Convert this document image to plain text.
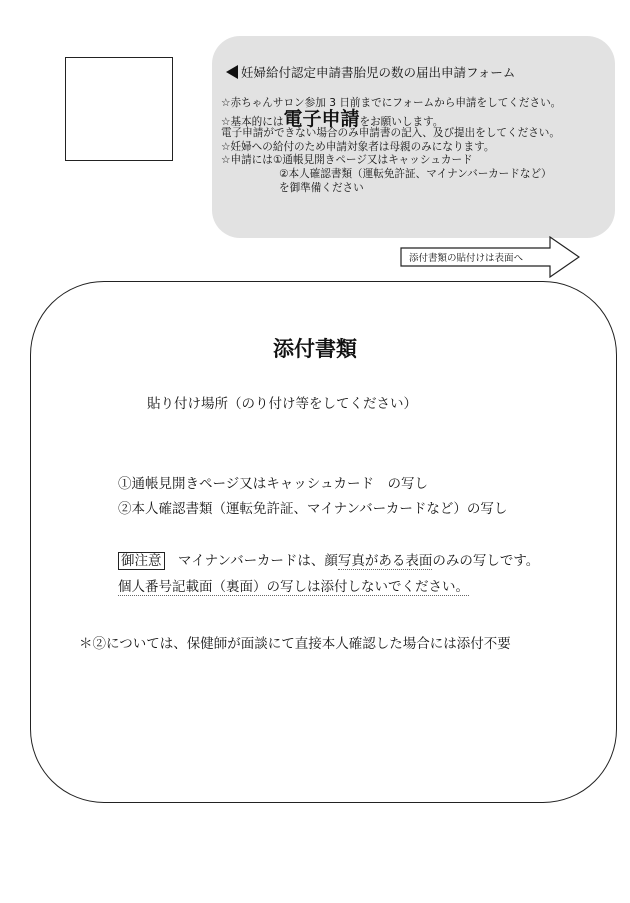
妊婦給付認定申請書胎児の数の届出申請フォーム
☆赤ちゃんサロン参加 3 日前までにフォームから申請をしてください。
☆基本的には電子申請をお願いします。
電子申請ができない場合のみ申請書の記入、及び提出をしてください。
☆妊婦への給付のため申請対象者は母親のみになります。
☆申請には①通帳見開きページ又はキャッシュカード
②本人確認書類（運転免許証、マイナンバーカードなど）
を御準備ください
添付書類の貼付けは表面へ
添付書類
貼り付け場所（のり付け等をしてください）
①通帳見開きページ又はキャッシュカード　の写し
②本人確認書類（運転免許証、マイナンバーカードなど）の写し
御注意　 マイナンバーカードは、顔写真がある表面のみの写しです。
個人番号記載面（裏面）の写しは添付しないでください。
＊②については、保健師が面談にて直接本人確認した場合には添付不要
